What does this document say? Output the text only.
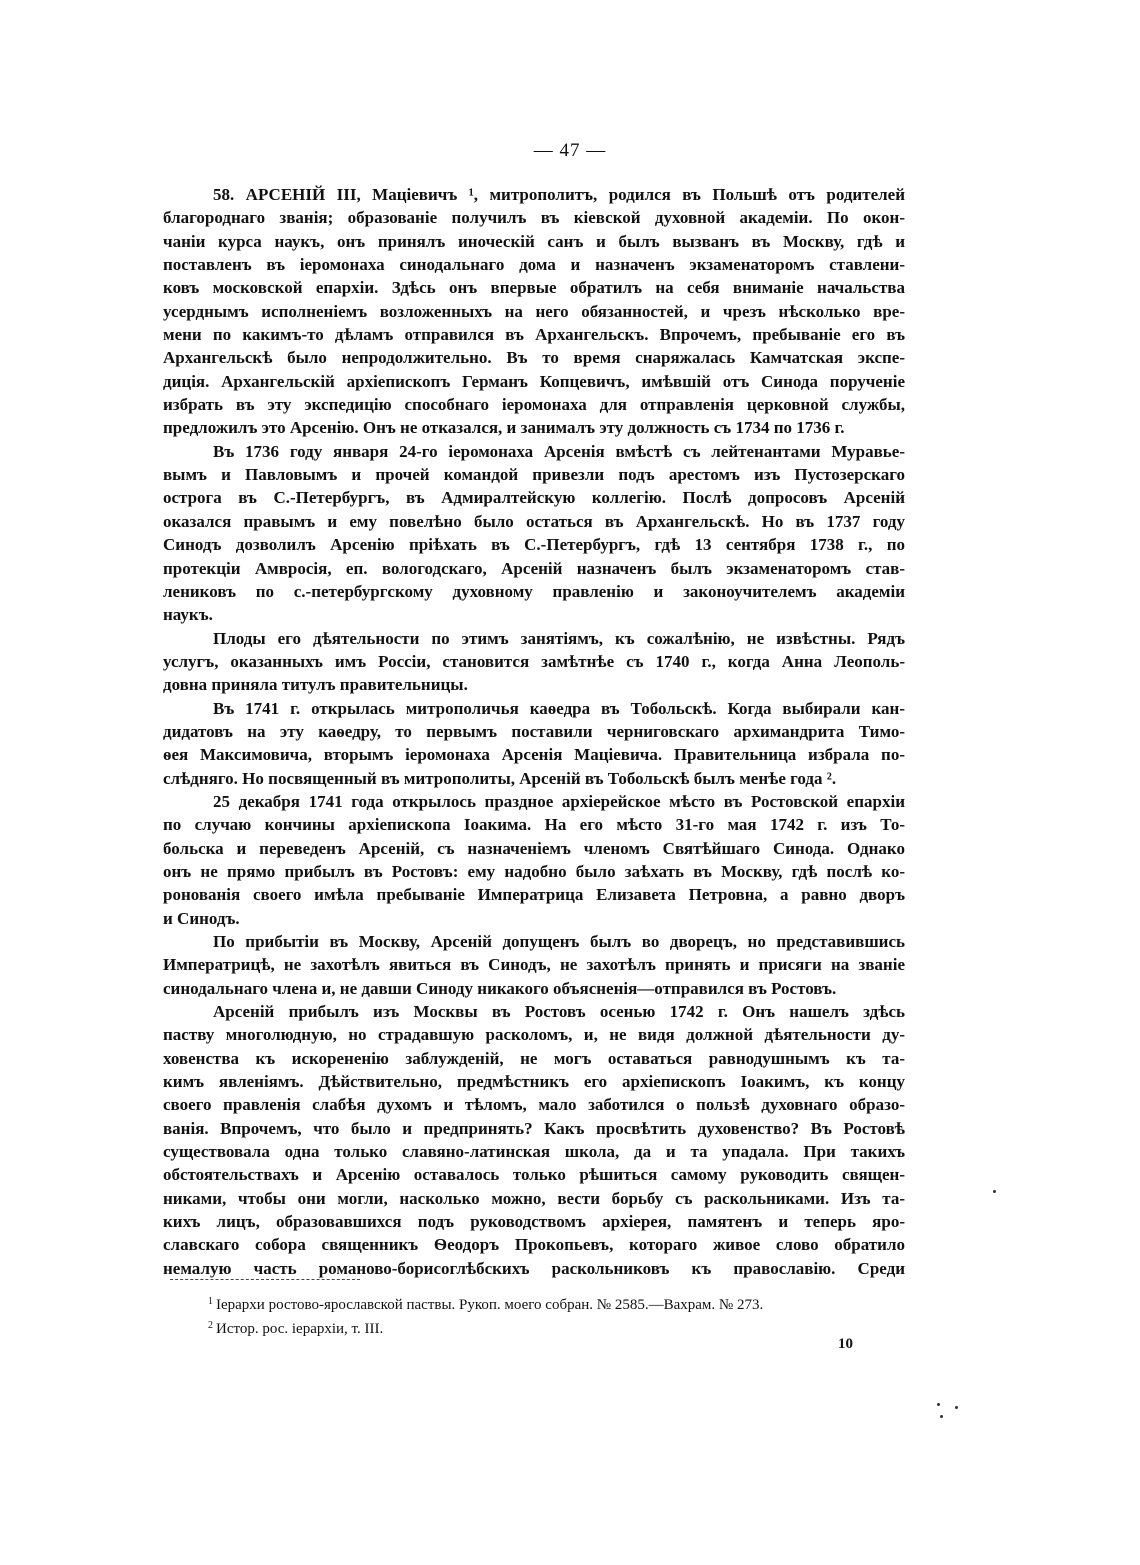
— 47 —
58. АРСЕНІЙ III, Маціевичъ ¹, митрополитъ, родился въ Польшѣ отъ родителей
благороднаго званія; образованіе получилъ въ кіевской духовной академіи. По окон-
чаніи курса наукъ, онъ принялъ иноческій санъ и былъ вызванъ въ Москву, гдѣ и
поставленъ въ іеромонаха синодальнаго дома и назначенъ экзаменаторомъ ставлени-
ковъ московской епархіи. Здѣсь онъ впервые обратилъ на себя вниманіе начальства
усерднымъ исполненіемъ возложенныхъ на него обязанностей, и чрезъ нѣсколько вре-
мени по какимъ-то дѣламъ отправился въ Архангельскъ. Впрочемъ, пребываніе его въ
Архангельскѣ было непродолжительно. Въ то время снаряжалась Камчатская экспе-
диція. Архангельскій архіепископъ Германъ Копцевичъ, имѣвшій отъ Синода порученіе
избрать въ эту экспедицію способнаго іеромонаха для отправленія церковной службы,
предложилъ это Арсенію. Онъ не отказался, и занималъ эту должность съ 1734 по 1736 г.
Въ 1736 году января 24-го іеромонаха Арсенія вмѣстѣ съ лейтенантами Муравье-
вымъ и Павловымъ и прочей командой привезли подъ арестомъ изъ Пустозерскаго
острога въ С.-Петербургъ, въ Адмиралтейскую коллегію. Послѣ допросовъ Арсеній
оказался правымъ и ему повелѣно было остаться въ Архангельскѣ. Но въ 1737 году
Синодъ дозволилъ Арсенію пріѣхать въ С.-Петербургъ, гдѣ 13 сентября 1738 г., по
протекціи Амвросія, еп. вологодскаго, Арсеній назначенъ былъ экзаменаторомъ став-
лениковъ по с.-петербургскому духовному правленію и законоучителемъ академіи
наукъ.
Плоды его дѣятельности по этимъ занятіямъ, къ сожалѣнію, не извѣстны. Рядъ
услугъ, оказанныхъ имъ Россіи, становится замѣтнѣе съ 1740 г., когда Анна Леополь-
довна приняла титулъ правительницы.
Въ 1741 г. открылась митрополичья каѳедра въ Тобольскѣ. Когда выбирали кан-
дидатовъ на эту каѳедру, то первымъ поставили черниговскаго архимандрита Тимо-
ѳея Максимовича, вторымъ іеромонаха Арсенія Маціевича. Правительница избрала по-
слѣдняго. Но посвященный въ митрополиты, Арсеній въ Тобольскѣ былъ менѣе года ².
25 декабря 1741 года открылось праздное архіерейское мѣсто въ Ростовской епархіи
по случаю кончины архіепископа Іоакима. На его мѣсто 31-го мая 1742 г. изъ То-
больска и переведенъ Арсеній, съ назначеніемъ членомъ Святѣйшаго Синода. Однако
онъ не прямо прибылъ въ Ростовъ: ему надобно было заѣхать въ Москву, гдѣ послѣ ко-
ронованія своего имѣла пребываніе Императрица Елизавета Петровна, а равно дворъ
и Синодъ.
По прибытіи въ Москву, Арсеній допущенъ былъ во дворецъ, но представившись
Императрицѣ, не захотѣлъ явиться въ Синодъ, не захотѣлъ принять и присяги на званіе
синодальнаго члена и, не давши Синоду никакого объясненія—отправился въ Ростовъ.
Арсеній прибылъ изъ Москвы въ Ростовъ осенью 1742 г. Онъ нашелъ здѣсь
паству многолюдную, но страдавшую расколомъ, и, не видя должной дѣятельности ду-
ховенства къ искорененію заблужденій, не могъ оставаться равнодушнымъ къ та-
кимъ явленіямъ. Дѣйствительно, предмѣстникъ его архіепископъ Іоакимъ, къ концу
своего правленія слабѣя духомъ и тѣломъ, мало заботился о пользѣ духовнаго образо-
ванія. Впрочемъ, что было и предпринять? Какъ просвѣтить духовенство? Въ Ростовѣ
существовала одна только славяно-латинская школа, да и та упадала. При такихъ
обстоятельствахъ и Арсенію оставалось только рѣшиться самому руководить священ-
никами, чтобы они могли, насколько можно, вести борьбу съ раскольниками. Изъ та-
кихъ лицъ, образовавшихся подъ руководствомъ архіерея, памятенъ и теперь яро-
славскаго собора священникъ Ѳеодоръ Прокопьевъ, котораго живое слово обратило
немалую часть романово-борисоглѣбскихъ раскольниковъ къ православію. Среди
$^1$ Іерархи ростово-ярославской паствы. Рукоп. моего собран. № 2585.—Вахрам. № 273.
$^2$ Истор. рос. іерархіи, т. III.
10
